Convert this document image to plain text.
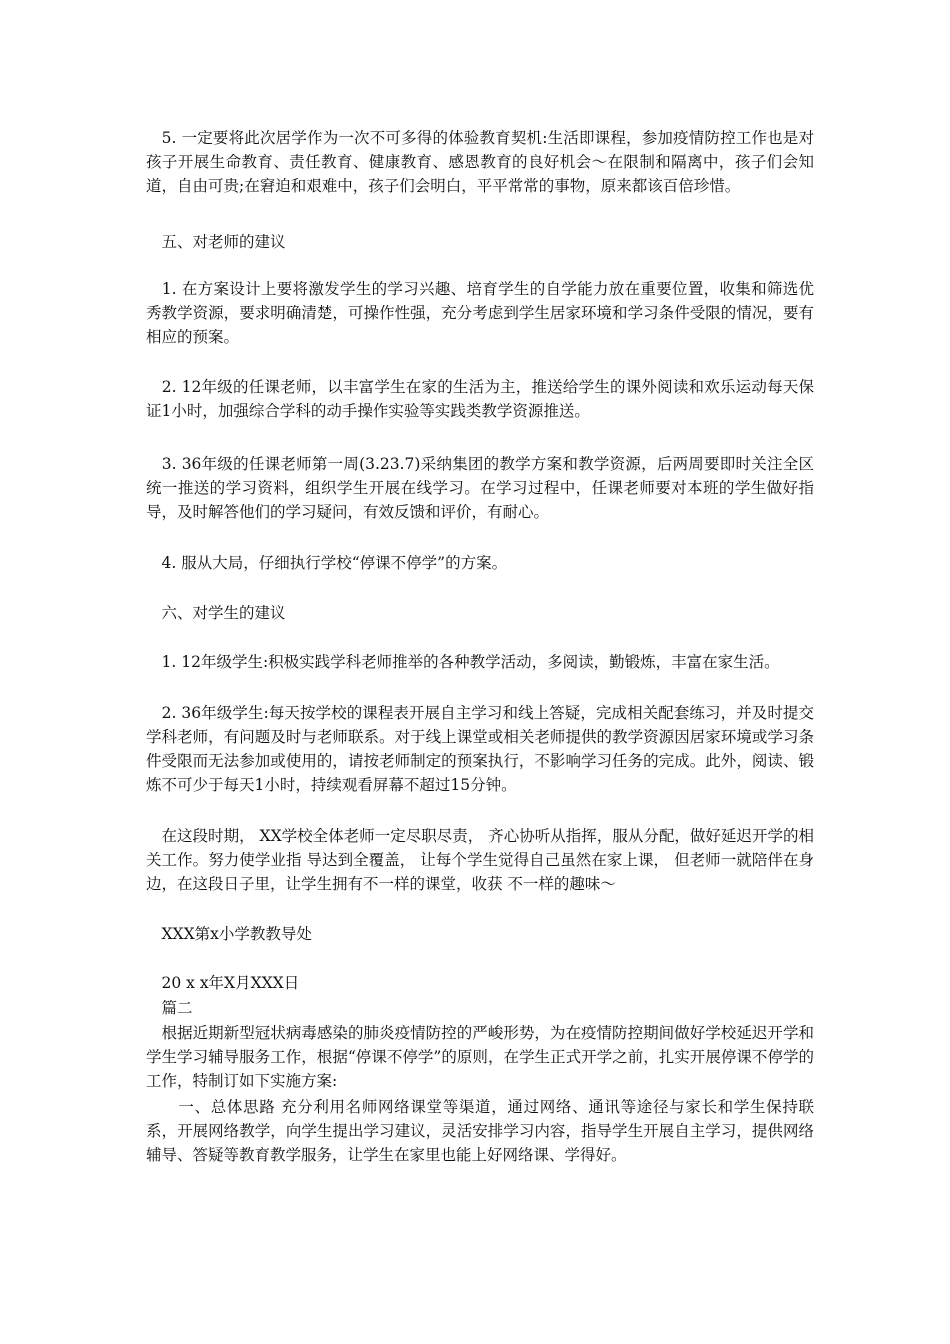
　5. 一定要将此次居学作为一次不可多得的体验教育契机:生活即课程，参加疫情防控工作也是对孩子开展生命教育、责任教育、健康教育、感恩教育的良好机会～在限制和隔离中，孩子们会知道，自由可贵;在窘迫和艰难中，孩子们会明白，平平常常的事物，原来都该百倍珍惜。

　五、对老师的建议

　1. 在方案设计上要将激发学生的学习兴趣、培育学生的自学能力放在重要位置，收集和筛选优秀教学资源，要求明确清楚，可操作性强，充分考虑到学生居家环境和学习条件受限的情况，要有相应的预案。

　2. 12年级的任课老师，以丰富学生在家的生活为主，推送给学生的课外阅读和欢乐运动每天保证1小时，加强综合学科的动手操作实验等实践类教学资源推送。

　3. 36年级的任课老师第一周(3.23.7)采纳集团的教学方案和教学资源，后两周要即时关注全区统一推送的学习资料，组织学生开展在线学习。在学习过程中，任课老师要对本班的学生做好指导，及时解答他们的学习疑问，有效反馈和评价，有耐心。

　4. 服从大局，仔细执行学校“停课不停学”的方案。

　六、对学生的建议

　1. 12年级学生:积极实践学科老师推举的各种教学活动，多阅读，勤锻炼，丰富在家生活。

　2. 36年级学生:每天按学校的课程表开展自主学习和线上答疑，完成相关配套练习，并及时提交学科老师，有问题及时与老师联系。对于线上课堂或相关老师提供的教学资源因居家环境或学习条件受限而无法参加或使用的，请按老师制定的预案执行，不影响学习任务的完成。此外，阅读、锻炼不可少于每天1小时，持续观看屏幕不超过15分钟。

　在这段时期， XX学校全体老师一定尽职尽责， 齐心协听从指挥，服从分配，做好延迟开学的相关工作。努力使学业指 导达到全覆盖， 让每个学生觉得自己虽然在家上课， 但老师一就陪伴在身边，在这段日子里，让学生拥有不一样的课堂，收获 不一样的趣味～

　XXX第x小学教教导处

　20 x x年X月XXX日

　篇二

　根据近期新型冠状病毒感染的肺炎疫情防控的严峻形势，为在疫情防控期间做好学校延迟开学和学生学习辅导服务工作，根据“停课不停学”的原则，在学生正式开学之前，扎实开展停课不停学的工作，特制订如下实施方案:

　　一、总体思路 充分利用名师网络课堂等渠道，通过网络、通讯等途径与家长和学生保持联系，开展网络教学，向学生提出学习建议，灵活安排学习内容，指导学生开展自主学习，提供网络辅导、答疑等教育教学服务，让学生在家里也能上好网络课、学得好。
